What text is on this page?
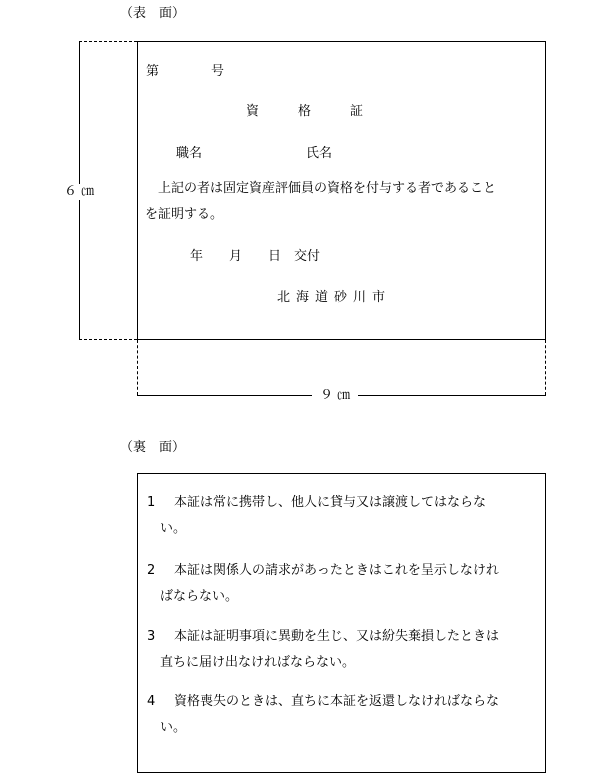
（表　面）
第　　　　号
資　　　格　　　証
職名	氏名
上記の者は固定資産評価員の資格を付与する者であること
を証明する。
年　　月　　日　交付
北海道砂川市
６ ㎝
９ ㎝
（裏　面）
1	本証は常に携帯し、他人に貸与又は譲渡してはならな
い。
2	本証は関係人の請求があったときはこれを呈示しなけれ
ばならない。
3	本証は証明事項に異動を生じ、又は紛失棄損したときは
直ちに届け出なければならない。
4	資格喪失のときは、直ちに本証を返還しなければならな
い。
